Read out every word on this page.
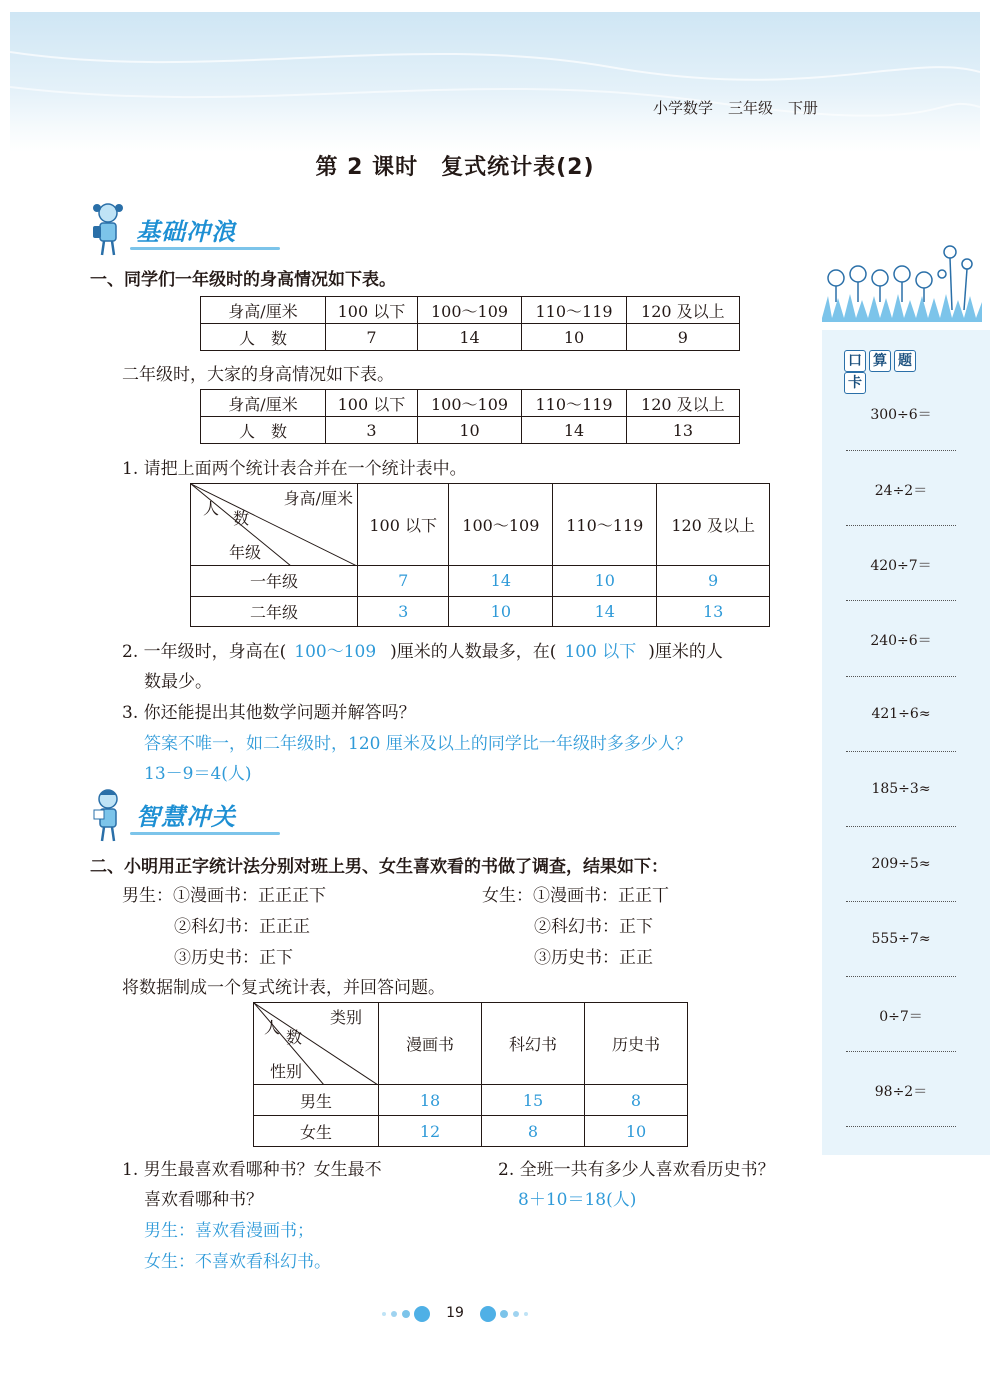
小学数学　三年级　下册
第 2 课时　复式统计表(2)
基础冲浪
一、同学们一年级时的身高情况如下表。
身高/厘米	100 以下	100～109	110～119	120 及以上
人　数	7	14	10	9
二年级时，大家的身高情况如下表。
身高/厘米	100 以下	100～109	110～119	120 及以上
人　数	3	10	14	13
1. 请把上面两个统计表合并在一个统计表中。
身高/厘米
人
数
年级	100 以下	100～109	110～119	120 及以上
一年级	7	14	10	9
二年级	3	10	14	13
2. 一年级时，身高在( 100～109 )厘米的人数最多，在( 100 以下 )厘米的人
数最少。
3. 你还能提出其他数学问题并解答吗？
答案不唯一，如二年级时，120 厘米及以上的同学比一年级时多多少人？
13－9＝4(人)
智慧冲关
二、小明用正字统计法分别对班上男、女生喜欢看的书做了调查，结果如下：
男生：①漫画书：正正正下
②科幻书：正正正
③历史书：正下
女生：①漫画书：正正丅
②科幻书：正下
③历史书：正正
将数据制成一个复式统计表，并回答问题。
类别
人
数
性别	漫画书	科幻书	历史书
男生	18	15	8
女生	12	8	10
1. 男生最喜欢看哪种书？女生最不
喜欢看哪种书？
男生：喜欢看漫画书；
女生：不喜欢看科幻书。
2. 全班一共有多少人喜欢看历史书？
8＋10＝18(人)
口 算 题卡
300÷6＝
24÷2＝
420÷7＝
240÷6＝
421÷6≈
185÷3≈
209÷5≈
555÷7≈
0÷7＝
98÷2＝
19
